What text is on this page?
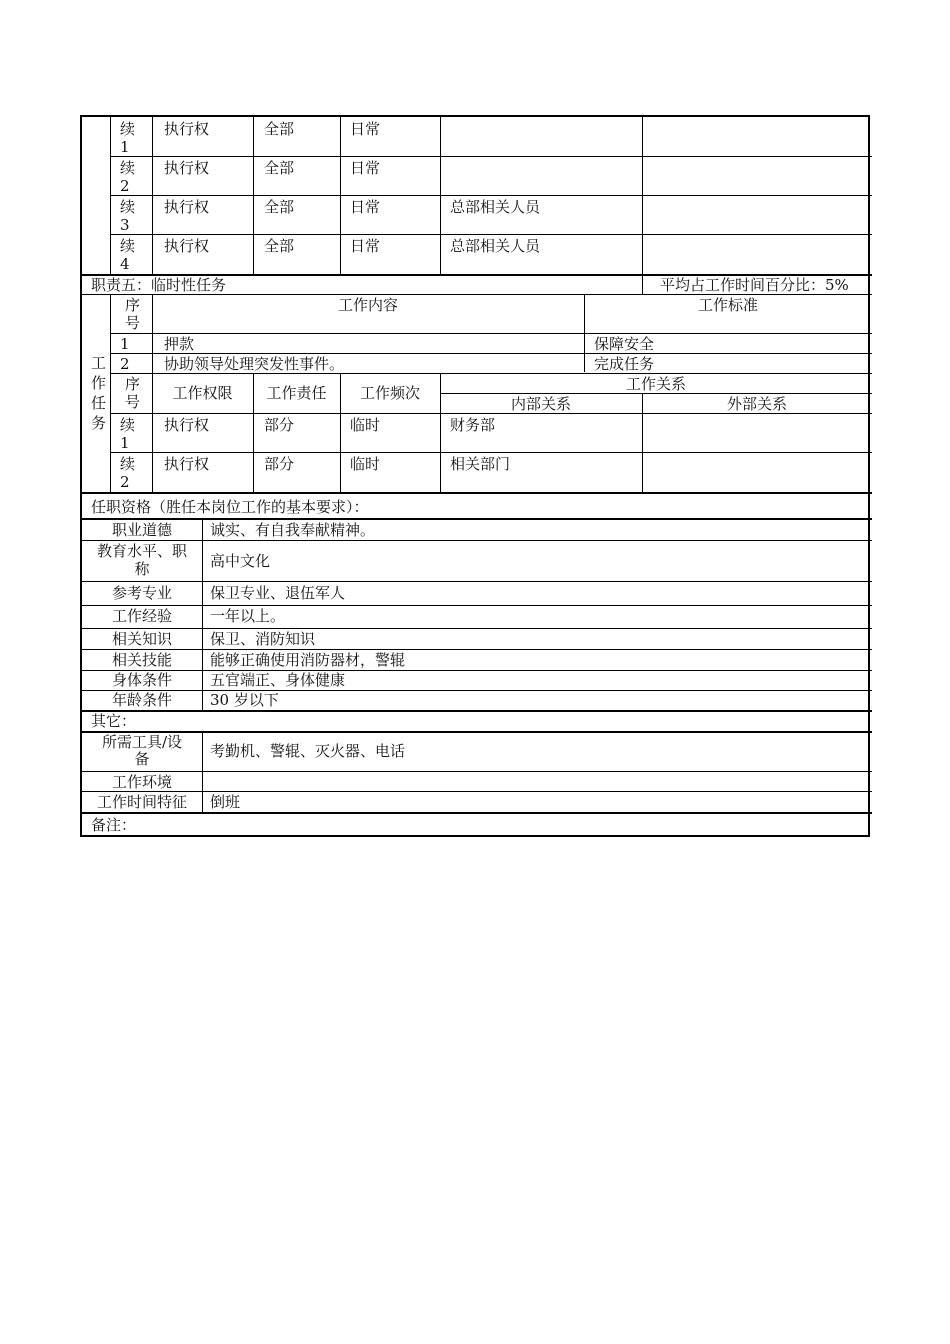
续
1
执行权	全部	日常
续
2
执行权	全部	日常
续
3
执行权	全部	日常	总部相关人员
续
4
执行权	全部	日常	总部相关人员
职责五：临时性任务	平均占工作时间百分比：5%
工
作
任
务
序
号
工作内容	工作标准
1 押款	保障安全
2 协助领导处理突发性事件。	完成任务
序
号	工作权限	工作责任	工作频次	工作关系
内部关系	外部关系
续
1
执行权	部分	临时	财务部
续
2
执行权	部分	临时	相关部门
任职资格（胜任本岗位工作的基本要求）：
职业道德	诚实、有自我奉献精神。
教育水平、职
称	高中文化
参考专业	保卫专业、退伍军人
工作经验	一年以上。
相关知识	保卫、消防知识
相关技能	能够正确使用消防器材，警辊
身体条件	五官端正、身体健康
年龄条件	30 岁以下
其它：
所需工具/设
备	考勤机、警辊、灭火器、电话
工作环境
工作时间特征	倒班
备注：
